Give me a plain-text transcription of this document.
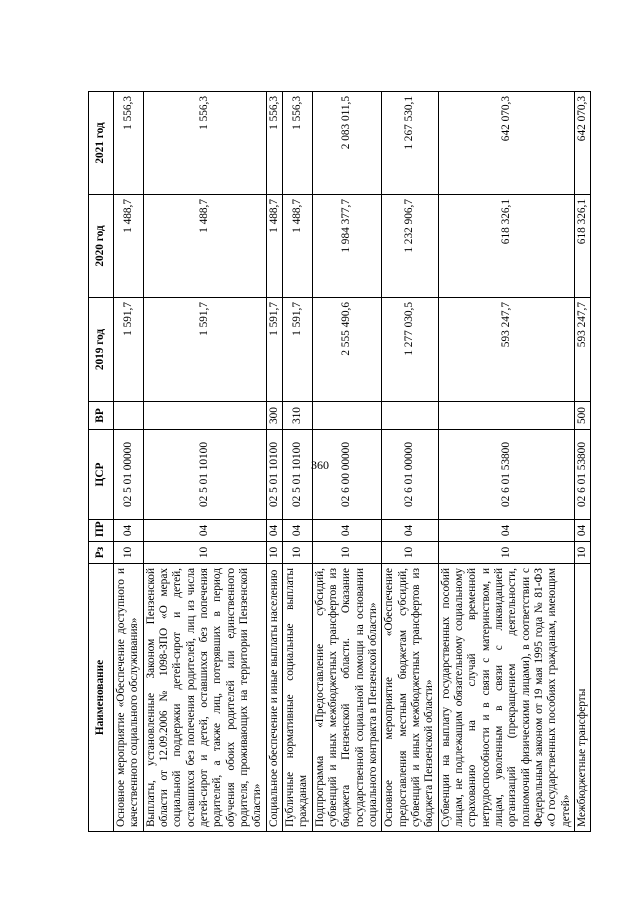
360
Наименование	Рз	ПР	ЦСР	ВР	2019 год	2020 год	2021 год
Основное мероприятие «Обеспечение доступного и качественного социального обслуживания»	10	04	02 5 01 00000		1 591,7	1 488,7	1 556,3
Выплаты, установленные Законом Пензенской области от 12.09.2006 № 1098-ЗПО «О мерах социальной поддержки детей-сирот и детей, оставшихся без попечения родителей, лиц из числа детей-сирот и детей, оставшихся без попечения родителей, а также лиц, потерявших в период обучения обоих родителей или единственного родителя, проживающих на территории Пензенской области»	10	04	02 5 01 10100		1 591,7	1 488,7	1 556,3
Социальное обеспечение и иные выплаты населению	10	04	02 5 01 10100	300	1 591,7	1 488,7	1 556,3
Публичные нормативные социальные выплаты гражданам	10	04	02 5 01 10100	310	1 591,7	1 488,7	1 556,3
Подпрограмма «Предоставление субсидий, субвенций и иных межбюджетных трансфертов из бюджета Пензенской области. Оказание государственной социальной помощи на основании социального контракта в Пензенской области»	10	04	02 6 00 00000		2 555 490,6	1 984 377,7	2 083 011,5
Основное мероприятие «Обеспечение предоставления местным бюджетам субсидий, субвенций и иных межбюджетных трансфертов из бюджета Пензенской области»	10	04	02 6 01 00000		1 277 030,5	1 232 906,7	1 267 530,1
Субвенции на выплату государственных пособий лицам, не подлежащим обязательному социальному страхованию на случай временной нетрудоспособности и в связи с материнством, и лицам, уволенным в связи с ликвидацией организаций (прекращением деятельности, полномочий физическими лицами), в соответствии с Федеральным законом от 19 мая 1995 года № 81-ФЗ «О государственных пособиях гражданам, имеющим детей»	10	04	02 6 01 53800		593 247,7	618 326,1	642 070,3
Межбюджетные трансферты	10	04	02 6 01 53800	500	593 247,7	618 326,1	642 070,3
